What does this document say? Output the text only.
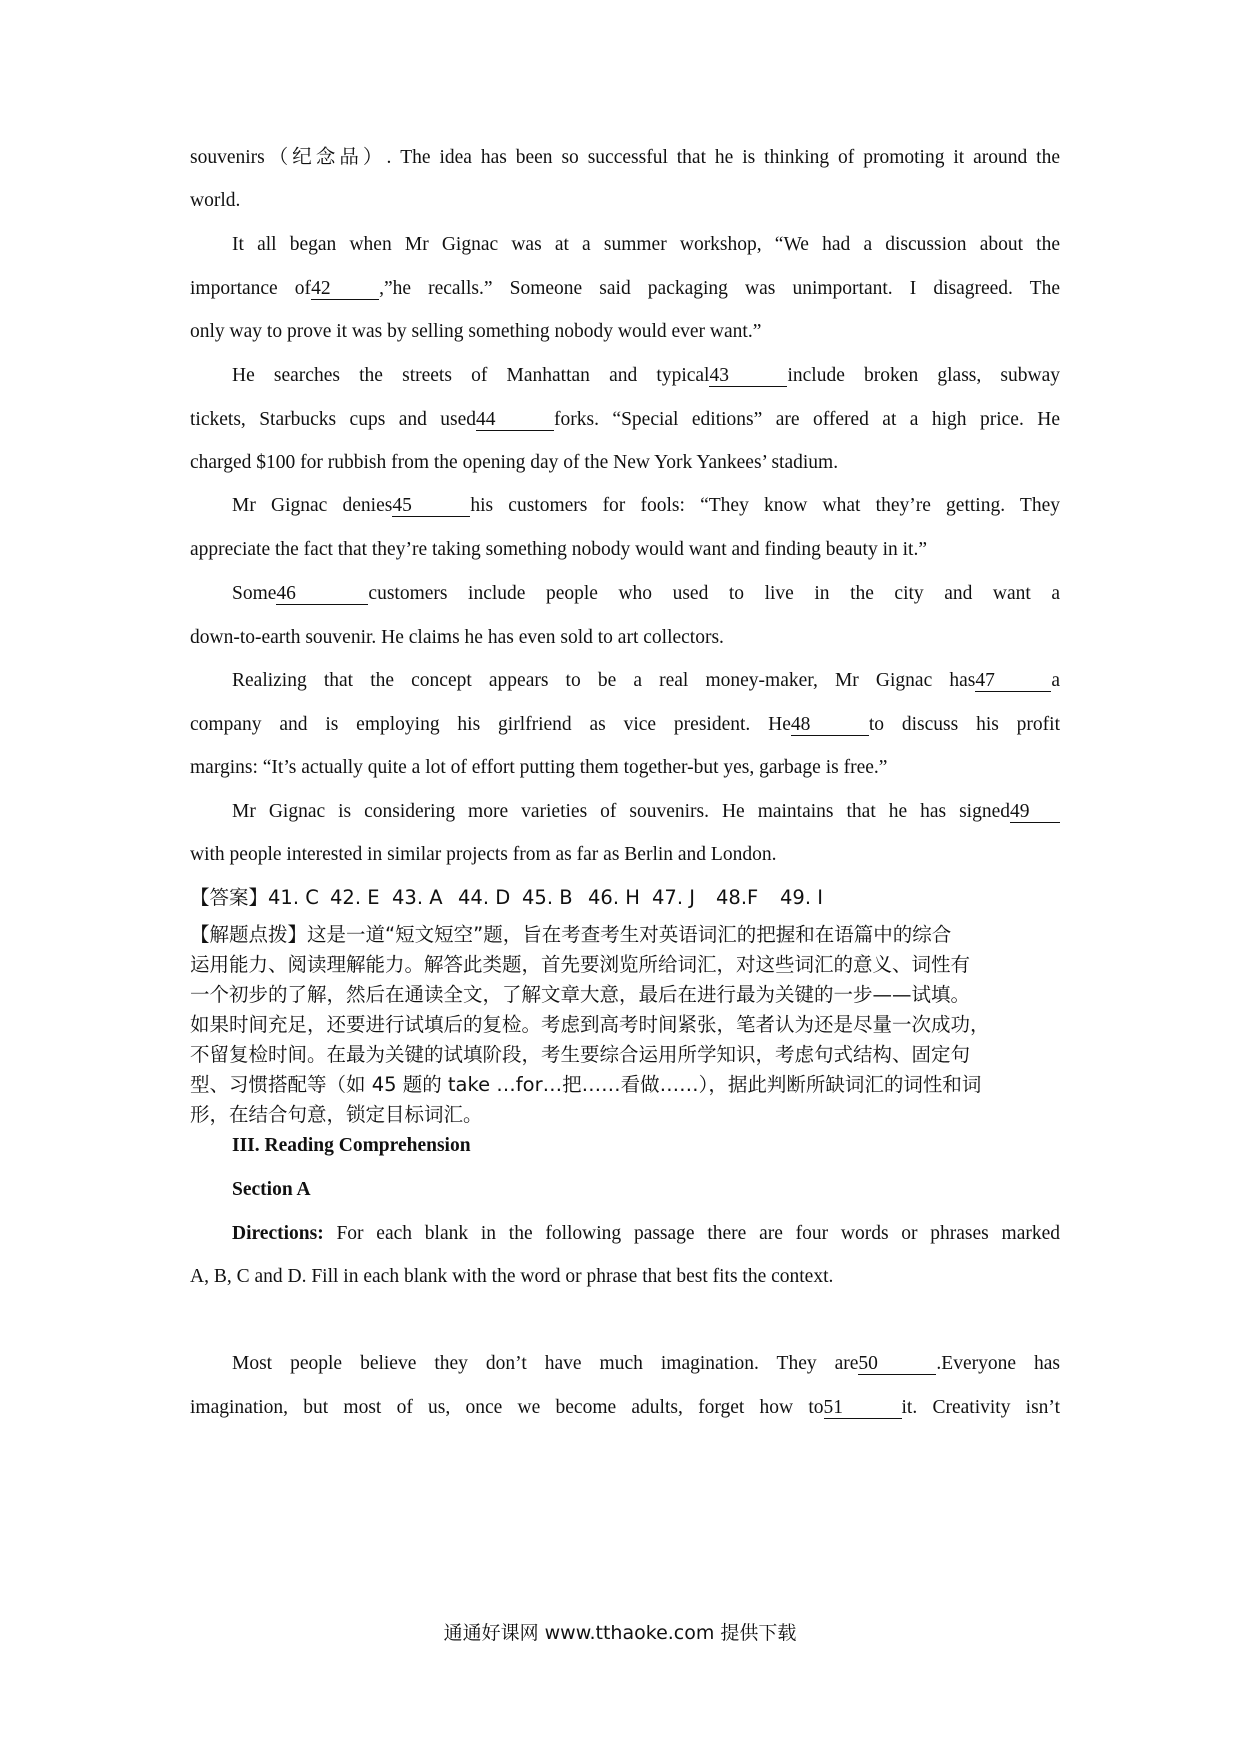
souvenirs（纪念品）. The idea has been so successful that he is thinking of promoting it around the
world.
It all began when Mr Gignac was at a summer workshop, “We had a discussion about the
importance of42 ,”he recalls.” Someone said packaging was unimportant. I disagreed. The
only way to prove it was by selling something nobody would ever want.”
He searches the streets of Manhattan and typical43	include broken glass, subway
tickets, Starbucks cups and used44	forks. “Special editions” are offered at a high price. He
charged $100 for rubbish from the opening day of the New York Yankees’ stadium.
Mr Gignac denies45	his customers for fools: “They know what they’re getting. They
appreciate the fact that they’re taking something nobody would want and finding beauty in it.”
Some46	customers include people who used to live in the city and want a
down-to-earth souvenir. He claims he has even sold to art collectors.
Realizing that the concept appears to be a real money-maker, Mr Gignac has47	a
company and is employing his girlfriend as vice president. He48	to discuss his profit
margins: “It’s actually quite a lot of effort putting them together-but yes, garbage is free.”
Mr Gignac is considering more varieties of souvenirs. He maintains that he has signed49
with people interested in similar projects from as far as Berlin and London.
【答案】41. C 42. E 43. A 44. D 45. B 46. H 47. J 48.F 49. I
【解题点拨】这是一道“短文短空”题，旨在考查考生对英语词汇的把握和在语篇中的综合
运用能力、阅读理解能力。解答此类题，首先要浏览所给词汇，对这些词汇的意义、词性有
一个初步的了解，然后在通读全文，了解文章大意，最后在进行最为关键的一步——试填。
如果时间充足，还要进行试填后的复检。考虑到高考时间紧张，笔者认为还是尽量一次成功，
不留复检时间。在最为关键的试填阶段，考生要综合运用所学知识，考虑句式结构、固定句
型、习惯搭配等（如 45 题的 take …for…把……看做……），据此判断所缺词汇的词性和词
形，在结合句意，锁定目标词汇。
III. Reading Comprehension
Section A
Directions: For each blank in the following passage there are four words or phrases marked
A, B, C and D. Fill in each blank with the word or phrase that best fits the context.
Most people believe they don’t have much imagination. They are50	.Everyone has
imagination, but most of us, once we become adults, forget how to51	it. Creativity isn’t
通通好课网 www.tthaoke.com 提供下载
